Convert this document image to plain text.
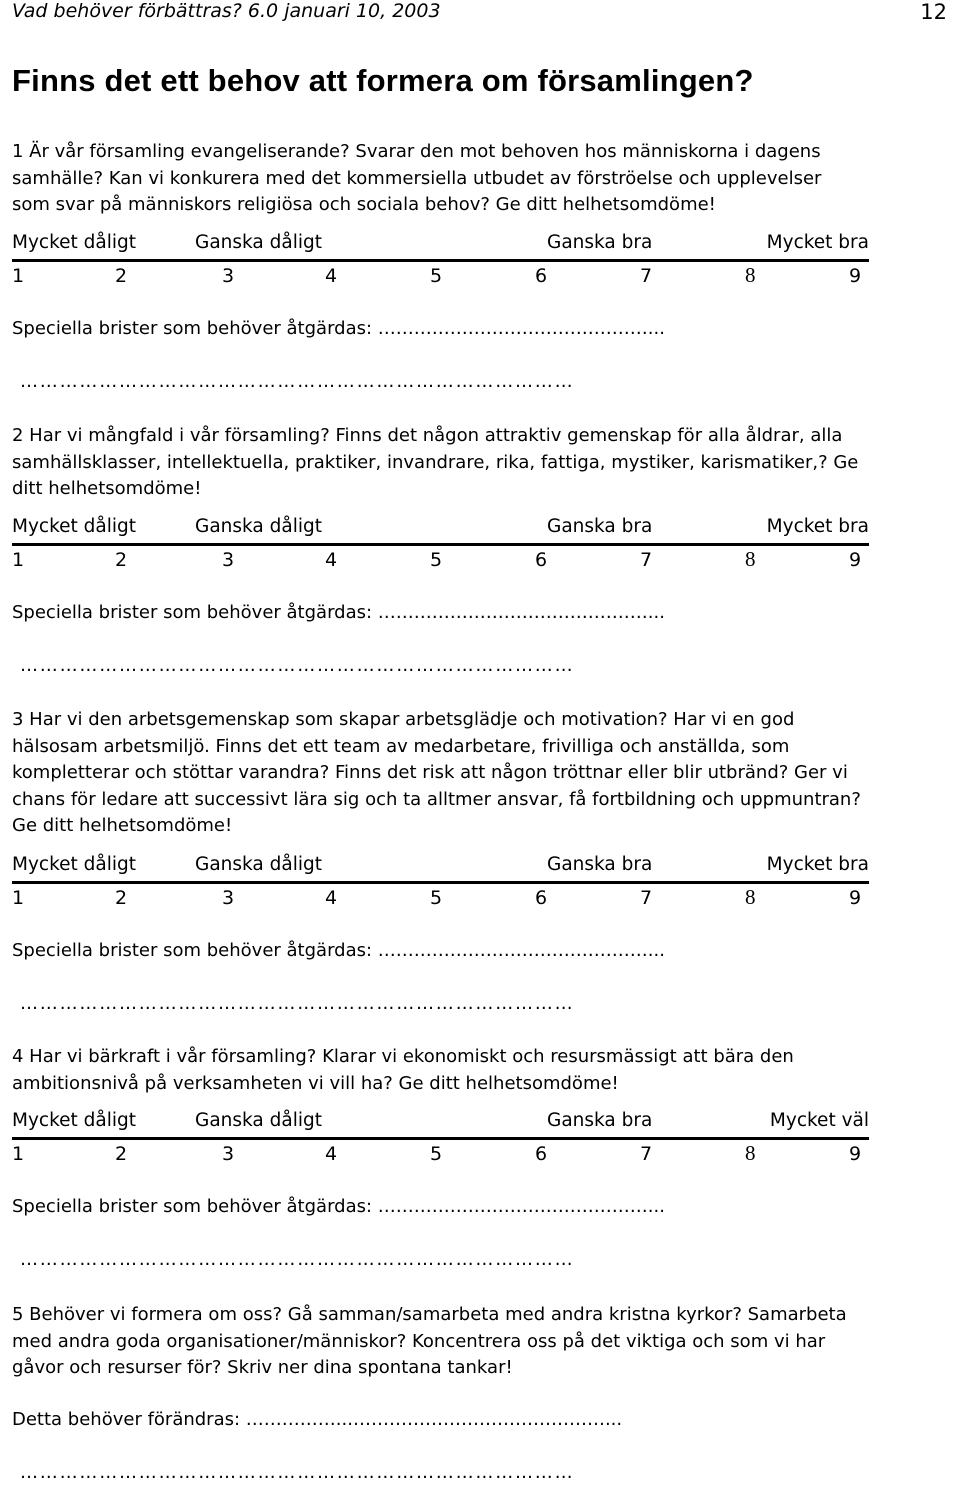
Vad behöver förbättras? 6.0 januari 10, 2003	12
Finns det ett behov att formera om församlingen?
1 Är vår församling evangeliserande? Svarar den mot behoven hos människorna i dagens
samhälle? Kan vi konkurera med det kommersiella utbudet av förströelse och upplevelser
som svar på människors religiösa och sociala behov? Ge ditt helhetsomdöme!
Mycket dåligt	Ganska dåligt	Ganska bra	Mycket bra
1	2	3	4	5	6	7	8	9
Speciella brister som behöver åtgärdas: ………………………………………...
…………………………………………………………………………
2 Har vi mångfald i vår församling? Finns det någon attraktiv gemenskap för alla åldrar, alla
samhällsklasser, intellektuella, praktiker, invandrare, rika, fattiga, mystiker, karismatiker,? Ge
ditt helhetsomdöme!
Mycket dåligt	Ganska dåligt	Ganska bra	Mycket bra
1	2	3	4	5	6	7	8	9
Speciella brister som behöver åtgärdas: ………………………………………...
…………………………………………………………………………
3 Har vi den arbetsgemenskap som skapar arbetsglädje och motivation? Har vi en god
hälsosam arbetsmiljö. Finns det ett team av medarbetare, frivilliga och anställda, som
kompletterar och stöttar varandra? Finns det risk att någon tröttnar eller blir utbränd? Ger vi
chans för ledare att successivt lära sig och ta alltmer ansvar, få fortbildning och uppmuntran?
Ge ditt helhetsomdöme!
Mycket dåligt	Ganska dåligt	Ganska bra	Mycket bra
1	2	3	4	5	6	7	8	9
Speciella brister som behöver åtgärdas: ………………………………………...
…………………………………………………………………………
4 Har vi bärkraft i vår församling? Klarar vi ekonomiskt och resursmässigt att bära den
ambitionsnivå på verksamheten vi vill ha? Ge ditt helhetsomdöme!
Mycket dåligt	Ganska dåligt	Ganska bra	Mycket väl
1	2	3	4	5	6	7	8	9
Speciella brister som behöver åtgärdas: ………………………………………...
…………………………………………………………………………
5 Behöver vi formera om oss? Gå samman/samarbeta med andra kristna kyrkor? Samarbeta
med andra goda organisationer/människor? Koncentrera oss på det viktiga och som vi har
gåvor och resurser för? Skriv ner dina spontana tankar!
Detta behöver förändras: ……………...……………………………………...
…………………………………………………………………………
